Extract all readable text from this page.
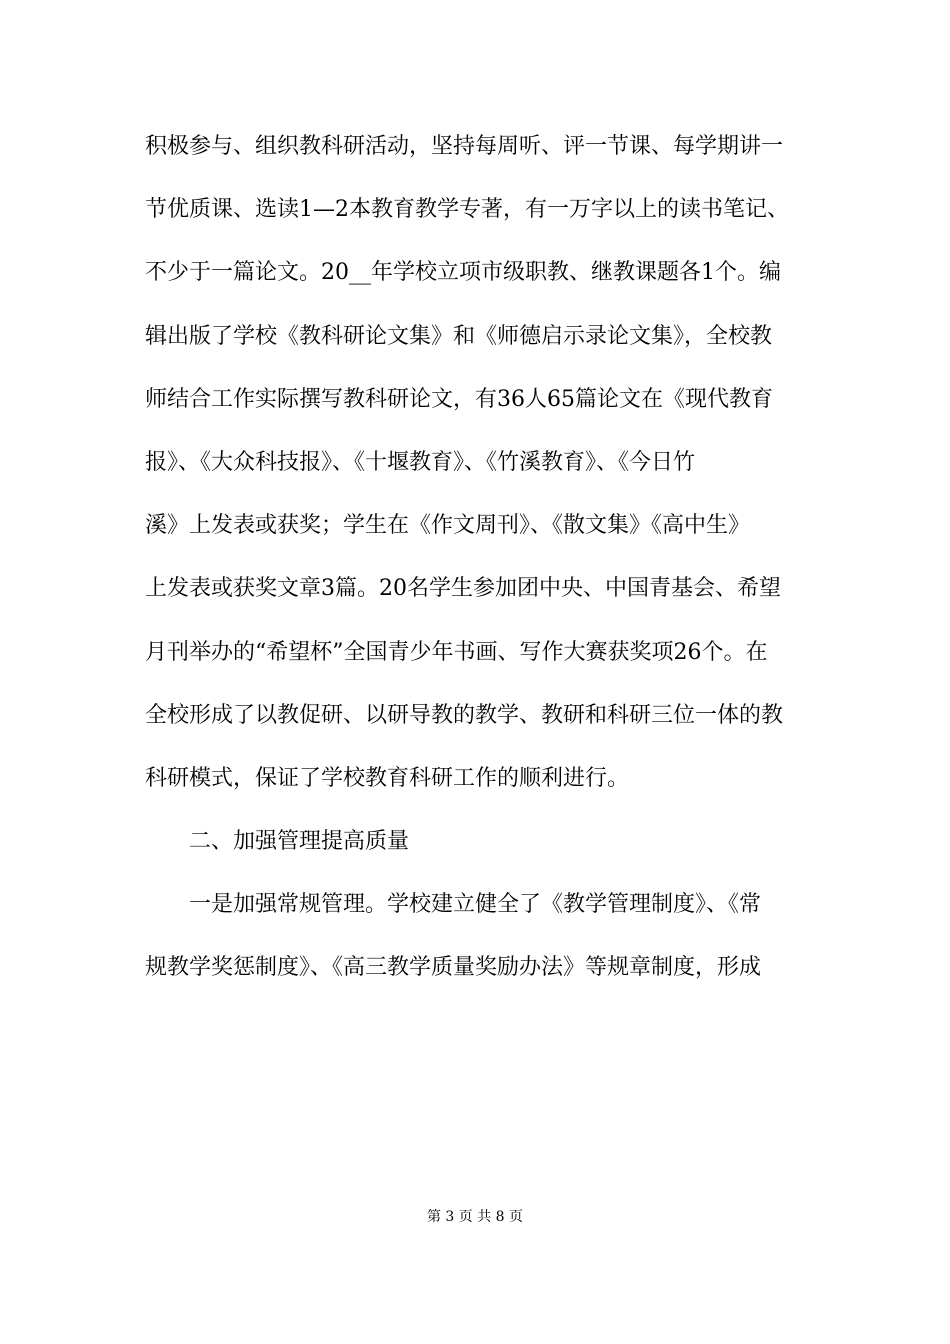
积极参与、组织教科研活动，坚持每周听、评一节课、每学期讲一
节优质课、选读1—2本教育教学专著，有一万字以上的读书笔记、
不少于一篇论文。20__年学校立项市级职教、继教课题各1个。编
辑出版了学校《教科研论文集》和《师德启示录论文集》，全校教
师结合工作实际撰写教科研论文，有36人65篇论文在《现代教育
报》、《大众科技报》、《十堰教育》、《竹溪教育》、《今日竹
溪》上发表或获奖；学生在《作文周刊》、《散文集》《高中生》
上发表或获奖文章3篇。20名学生参加团中央、中国青基会、希望
月刊举办的“希望杯”全国青少年书画、写作大赛获奖项26个。在
全校形成了以教促研、以研导教的教学、教研和科研三位一体的教
科研模式，保证了学校教育科研工作的顺利进行。
　　二、加强管理提高质量
　　一是加强常规管理。学校建立健全了《教学管理制度》、《常
规教学奖惩制度》、《高三教学质量奖励办法》等规章制度，形成
第 3 页 共 8 页
